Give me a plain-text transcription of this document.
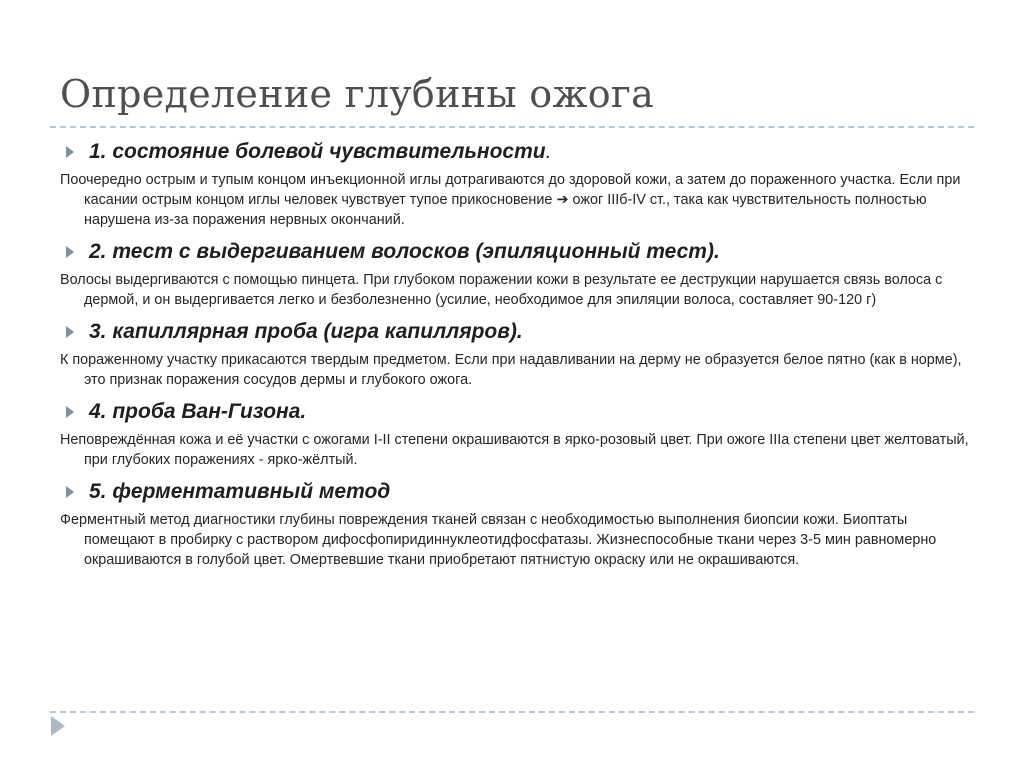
Определение глубины ожога
1. состояние болевой чувствительности.

Поочередно острым и тупым концом инъекционной иглы дотрагиваются до здоровой кожи, а затем до пораженного участка. Если при касании острым концом иглы человек чувствует тупое прикосновение ➔ ожог IIIб-IV ст., така как чувствительность полностью нарушена из-за поражения нервных окончаний.

2. тест с выдергиванием волосков (эпиляционный тест).

Волосы выдергиваются с помощью пинцета. При глубоком поражении кожи в результате ее деструкции нарушается связь волоса с дермой, и он выдергивается легко и безболезненно (усилие, необходимое для эпиляции волоса, составляет 90-120 г)

3. капиллярная проба (игра капилляров).

К пораженному участку прикасаются твердым предметом. Если при надавливании на дерму не образуется белое пятно (как в норме), это признак поражения сосудов дермы и глубокого ожога.

4. проба Ван-Гизона.

Неповреждённая кожа и её участки с ожогами I-II степени окрашиваются в ярко-розовый цвет. При ожоге IIIа степени цвет желтоватый, при глубоких поражениях - ярко-жёлтый.

5. ферментативный метод

Ферментный метод диагностики глубины повреждения тканей связан с необходимостью выполнения биопсии кожи. Биоптаты помещают в пробирку с раствором дифосфопиридиннуклеотидфосфатазы. Жизнеспособные ткани через 3-5 мин равномерно окрашиваются в голубой цвет. Омертвевшие ткани приобретают пятнистую окраску или не окрашиваются.
